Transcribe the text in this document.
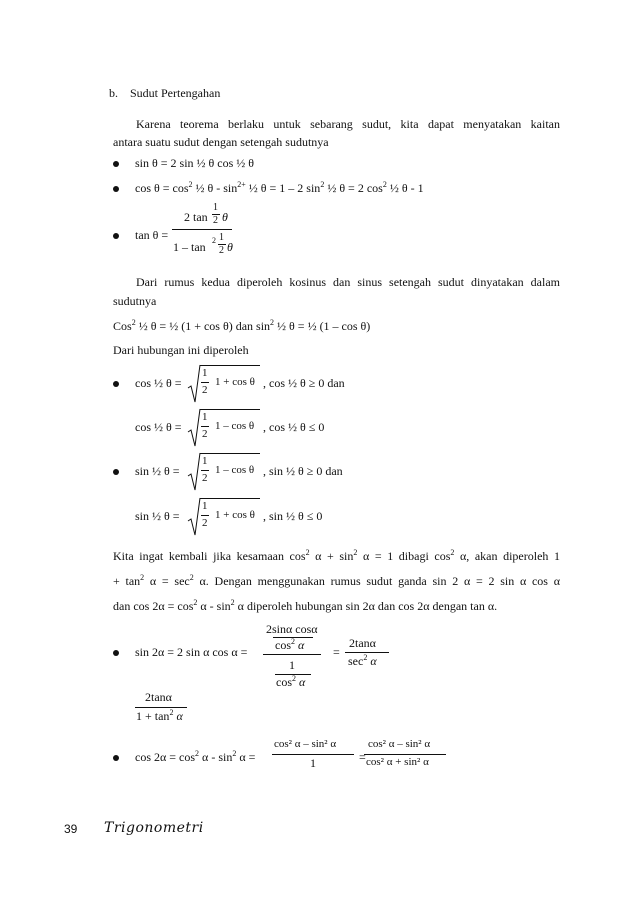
b. Sudut Pertengahan
Karena teorema berlaku untuk sebarang sudut, kita dapat menyatakan kaitan
antara suatu sudut dengan setengah sudutnya
sin θ = 2 sin ½ θ cos ½ θ
$\cos \theta = \cos^2$ ½ θ - $\sin^{2+}$ ½ θ = 1 – 2 $\sin^2$ ½ θ = 2 $\cos^2$ ½ θ - 1
tan θ =
2 tan
1
2 θ
1 – tan 2 1
2 θ
Dari rumus kedua diperoleh kosinus dan sinus setengah sudut dinyatakan dalam
sudutnya
Cos$^2$ ½ θ = ½ (1 + cos θ) dan $\sin^2$ ½ θ = ½ (1 – cos θ)
Dari hubungan ini diperoleh
cos ½ θ =
1
2
1 + cos θ , cos ½ θ ≥ 0 dan
cos ½ θ =
1
2
1 – cos θ , cos ½ θ ≤ 0
sin ½ θ =
1
2
1 – cos θ , sin ½ θ ≥ 0 dan
sin ½ θ =
1
2
1 + cos θ , sin ½ θ ≤ 0
Kita ingat kembali jika kesamaan $\cos^2 \alpha + \sin^2 \alpha = 1$ dibagi $\cos^2 \alpha$, akan diperoleh 1
+ $\tan^2 \alpha = \sec^2 \alpha$. Dengan menggunakan rumus sudut ganda sin 2 α = 2 sin α cos α
dan $\cos 2\alpha = \cos^2 \alpha - \sin^2 \alpha$ diperoleh hubungan sin 2α dan cos 2α dengan tan α.
sin 2α = 2 sin α cos α =
2sinα cosα
$\cos^2 \alpha$
1
$\cos^2 \alpha$
=
2tanα
$\sec^2 \alpha$
2tanα
$1 + \tan^2 \alpha$
$\cos 2\alpha = \cos^2 \alpha - \sin^2 \alpha$ =
cos² α – sin² α
1	=
cos² α – sin² α
cos² α + sin² α
39 Trigonometri
